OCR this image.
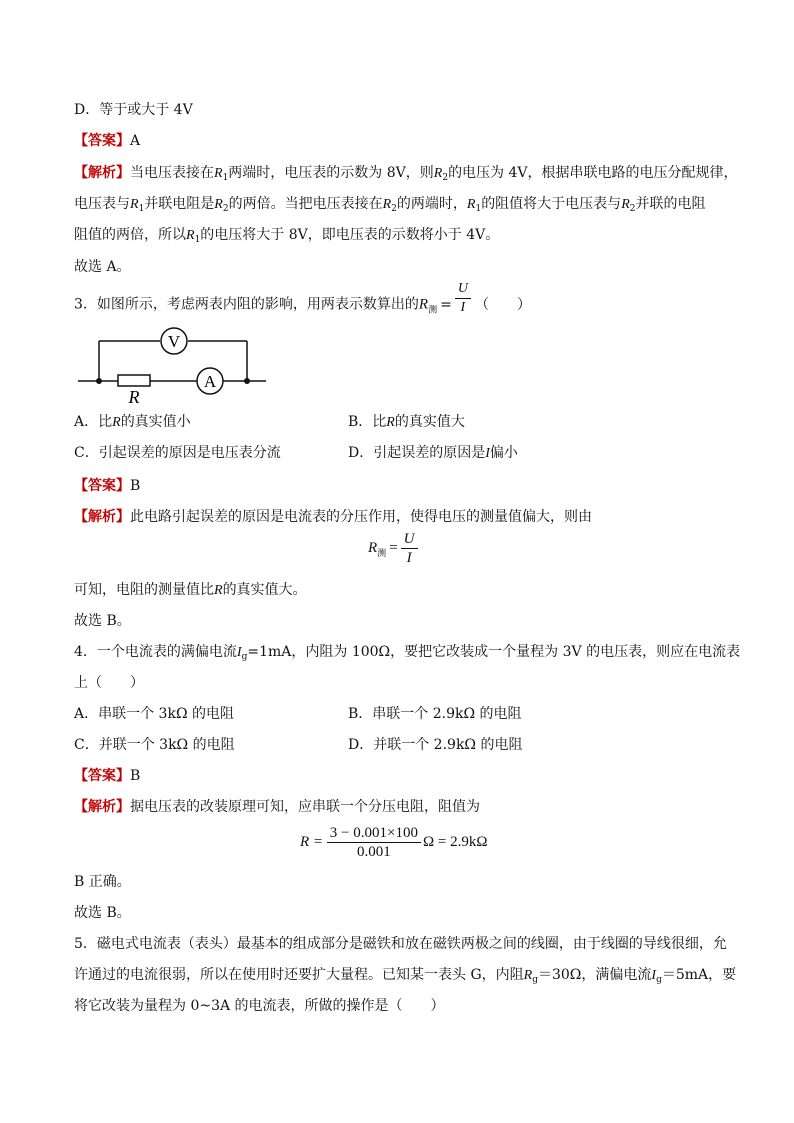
D．等于或大于 4V
【答案】A
【解析】当电压表接在$R_1$两端时，电压表的示数为 8V，则$R_2$的电压为 4V，根据串联电路的电压分配规律，
电压表与$R_1$并联电阻是$R_2$的两倍。当把电压表接在$R_2$的两端时，$R_1$的阻值将大于电压表与$R_2$并联的电阻
阻值的两倍，所以$R_1$的电压将大于 8V，即电压表的示数将小于 4V。
故选 A。
3．如图所示，考虑两表内阻的影响，用两表示数算出的$R_测 = \frac{U}{I}$ （　　）
V
A
R
A．比R的真实值小	B．比R的真实值大
C．引起误差的原因是电压表分流	D．引起误差的原因是I偏小
【答案】B
【解析】此电路引起误差的原因是电流表的分压作用，使得电压的测量值偏大，则由
$R_测 = \frac{U}{I}$
可知，电阻的测量值比R的真实值大。
故选 B。
4．一个电流表的满偏电流$I_g=1mA$，内阻为 100Ω，要把它改装成一个量程为 3V 的电压表，则应在电流表
上（　　）
A．串联一个 3kΩ 的电阻	B．串联一个 2.9kΩ 的电阻
C．并联一个 3kΩ 的电阻	D．并联一个 2.9kΩ 的电阻
【答案】B
【解析】据电压表的改装原理可知，应串联一个分压电阻，阻值为
$R = \frac{3 - 0.001\times 100}{0.001}$ Ω = 2.9kΩ
B 正确。
故选 B。
5．磁电式电流表（表头）最基本的组成部分是磁铁和放在磁铁两极之间的线圈，由于线圈的导线很细，允
许通过的电流很弱，所以在使用时还要扩大量程。已知某一表头 G，内阻$R_g=30\Omega$，满偏电流$I_g=5mA$，要
将它改装为量程为 0~3A 的电流表，所做的操作是（　　）
